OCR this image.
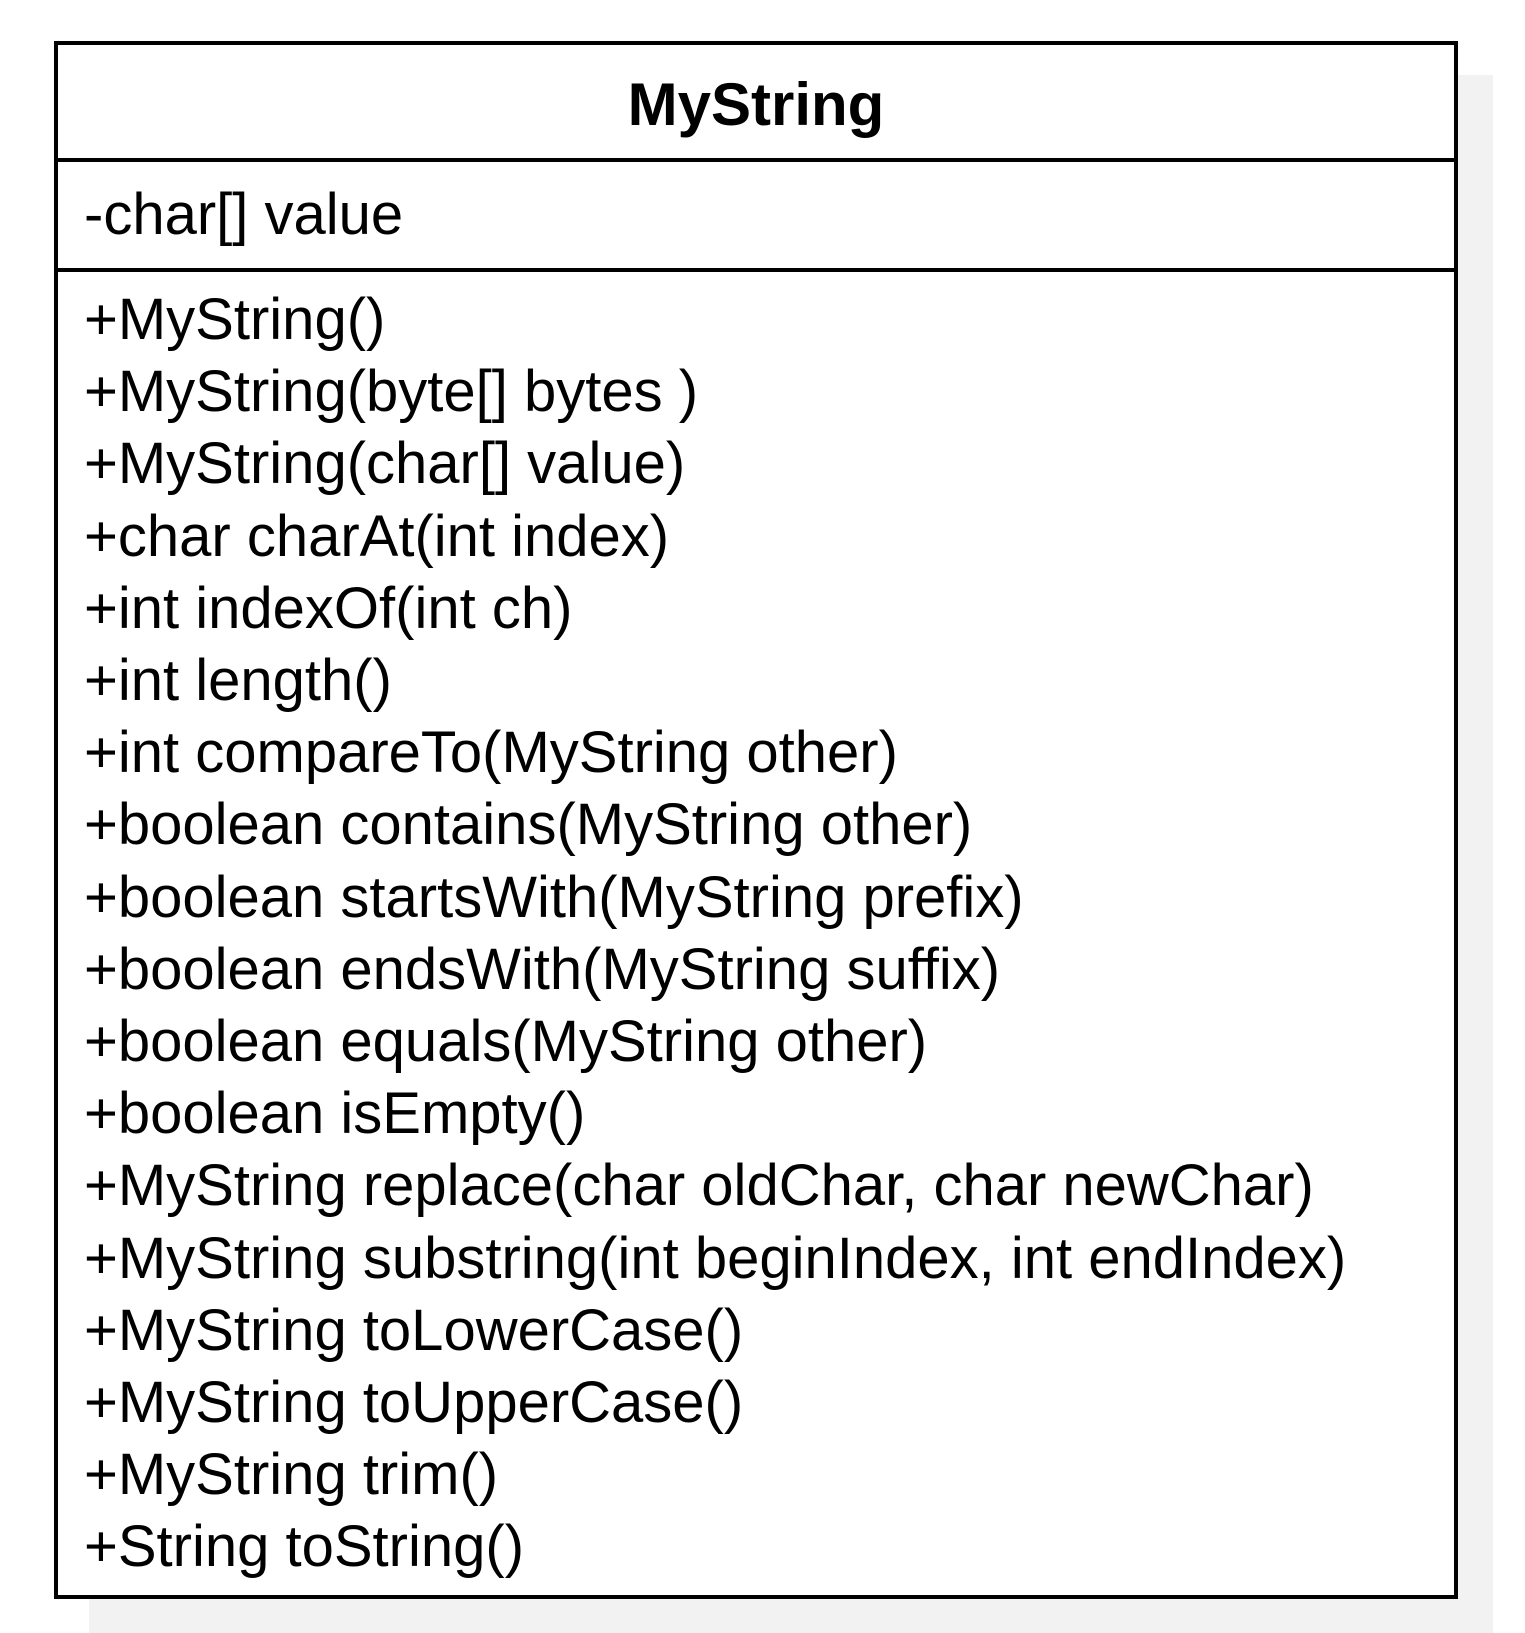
MyString
-char[] value
+MyString()
+MyString(byte[] bytes )
+MyString(char[] value)
+char charAt(int index)
+int indexOf(int ch)
+int length()
+int compareTo(MyString other)
+boolean contains(MyString other)
+boolean startsWith(MyString prefix)
+boolean endsWith(MyString suffix)
+boolean equals(MyString other)
+boolean isEmpty()
+MyString replace(char oldChar, char newChar)
+MyString substring(int beginIndex, int endIndex)
+MyString toLowerCase()
+MyString toUpperCase()
+MyString trim()
+String toString()
